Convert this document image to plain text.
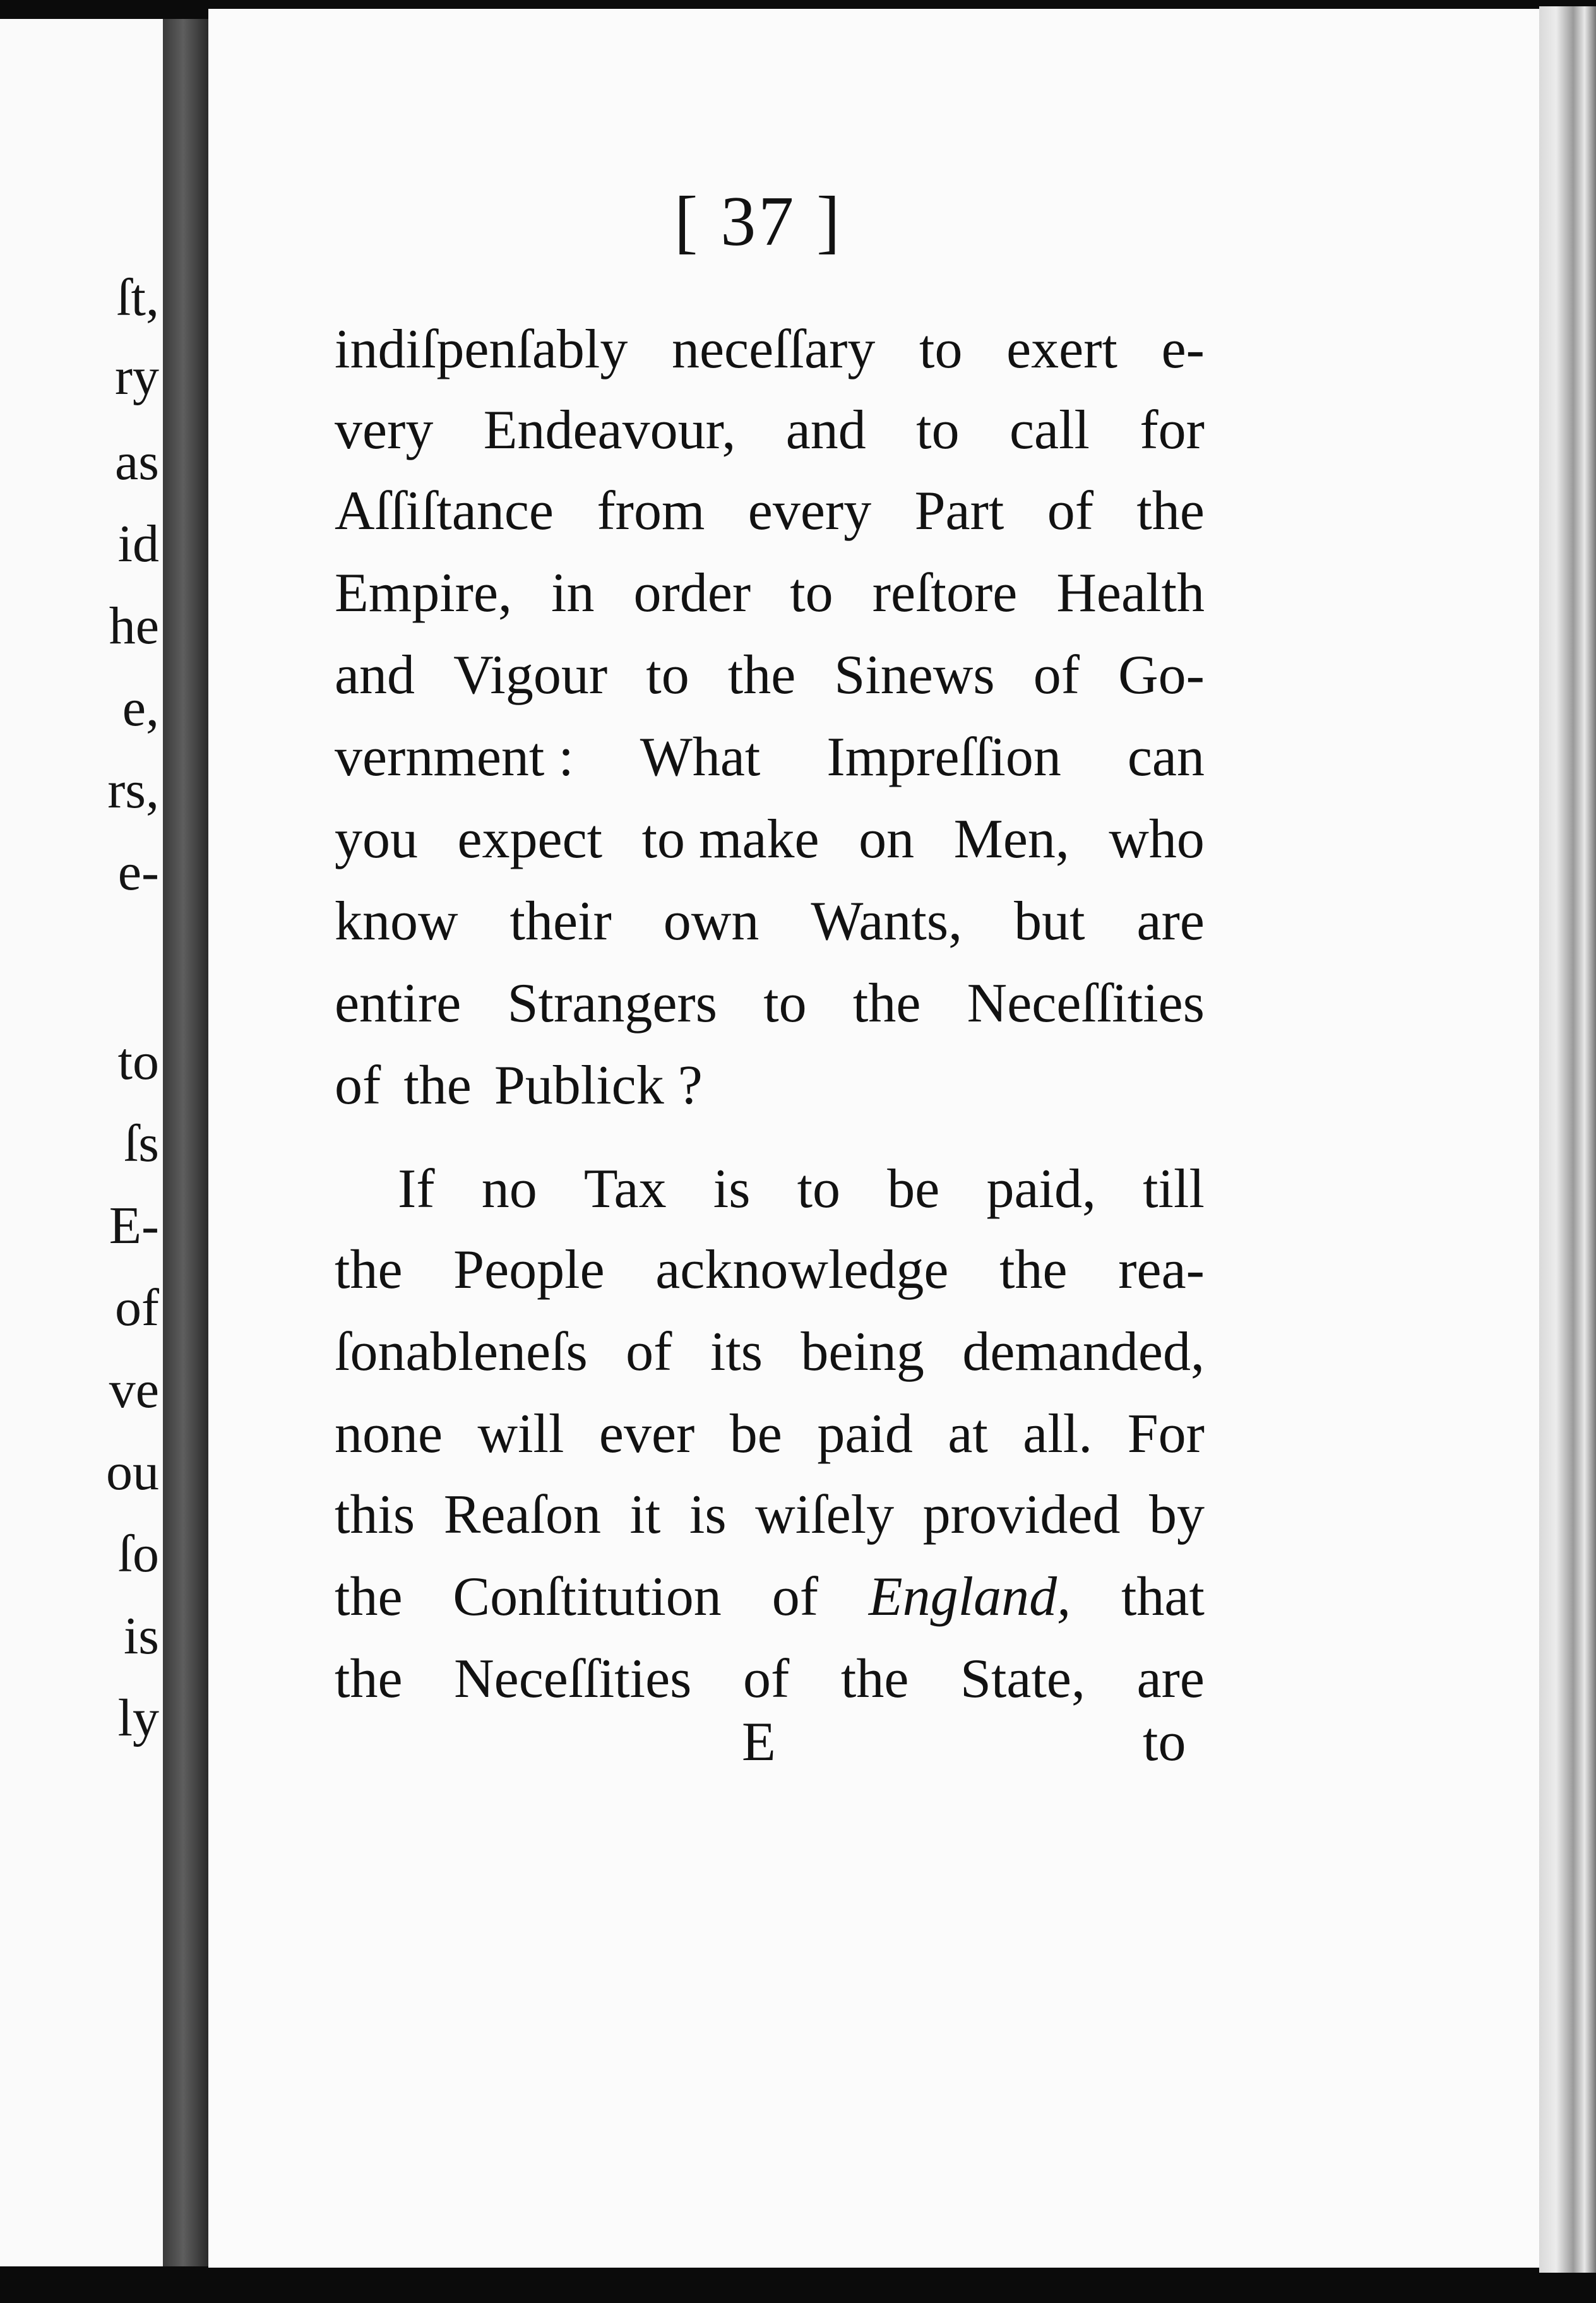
ſt,
ry
as
id
he
e,
rs,
e-
to
ſs
E-
of
ve
ou
ſo
is
ly
[ 37 ]
indiſpenſably neceſſary to exert e-
very Endeavour, and to call for
Aſſiſtance from every Part of the
Empire, in order to reſtore Health
and Vigour to the Sinews of Go-
vernment : What Impreſſion can
you expect to make on Men, who
know their own Wants, but are
entire Strangers to the Neceſſities
of the Publick ?
If no Tax is to be paid, till
the People acknowledge the rea-
ſonableneſs of its being demanded,
none will ever be paid at all. For
this Reaſon it is wiſely provided by
the Conſtitution of England, that
the Neceſſities of the State, are
E	to
